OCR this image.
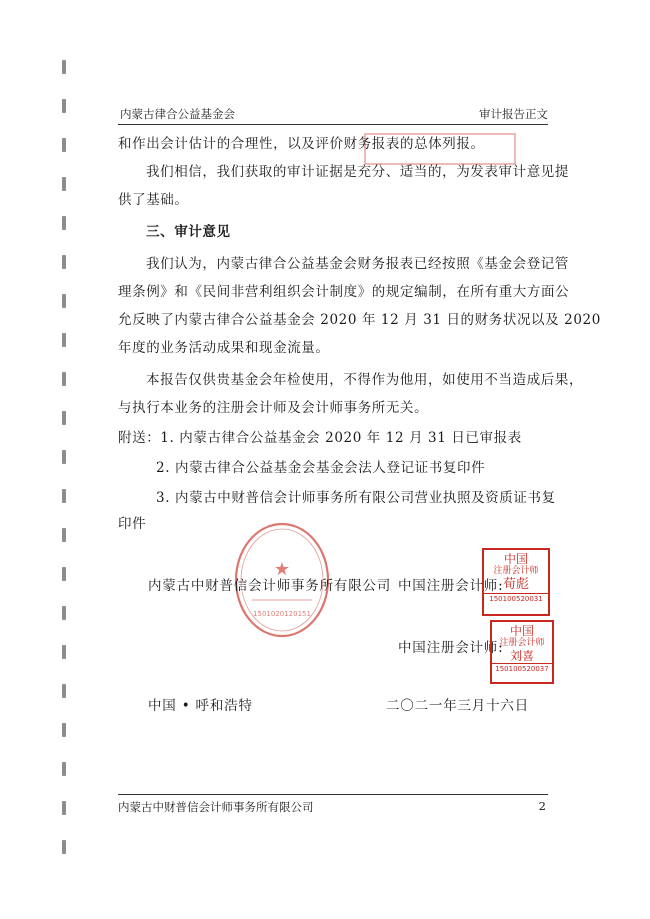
内蒙古律合公益基金会	审计报告正文
和作出会计估计的合理性，以及评价财务报表的总体列报。
我们相信，我们获取的审计证据是充分、适当的，为发表审计意见提
供了基础。
三、审计意见
我们认为，内蒙古律合公益基金会财务报表已经按照《基金会登记管
理条例》和《民间非营利组织会计制度》的规定编制，在所有重大方面公
允反映了内蒙古律合公益基金会 2020 年 12 月 31 日的财务状况以及 2020
年度的业务活动成果和现金流量。
本报告仅供贵基金会年检使用，不得作为他用，如使用不当造成后果，
与执行本业务的注册会计师及会计师事务所无关。
附送：1. 内蒙古律合公益基金会 2020 年 12 月 31 日已审报表
2. 内蒙古律合公益基金会基金会法人登记证书复印件
3. 内蒙古中财普信会计师事务所有限公司营业执照及资质证书复
印件
★
1501020120151
内蒙古中财普信会计师事务所有限公司 中国注册会计师:
中国
注册会计师
荀彪
150100520031
中国注册会计师:
中国
注册会计师
刘喜
150100520037
中国 • 呼和浩特	二〇二一年三月十六日
内蒙古中财普信会计师事务所有限公司	2
